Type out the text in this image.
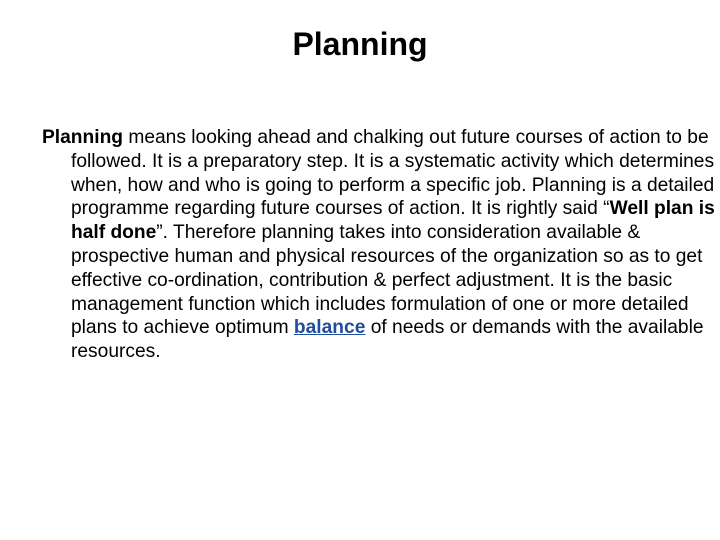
Planning

Planning means looking ahead and chalking out future courses of action to be followed. It is a preparatory step. It is a systematic activity which determines when, how and who is going to perform a specific job. Planning is a detailed programme regarding future courses of action. It is rightly said “Well plan is half done”. Therefore planning takes into consideration available & prospective human and physical resources of the organization so as to get effective co-ordination, contribution & perfect adjustment. It is the basic management function which includes formulation of one or more detailed plans to achieve optimum balance of needs or demands with the available resources.
